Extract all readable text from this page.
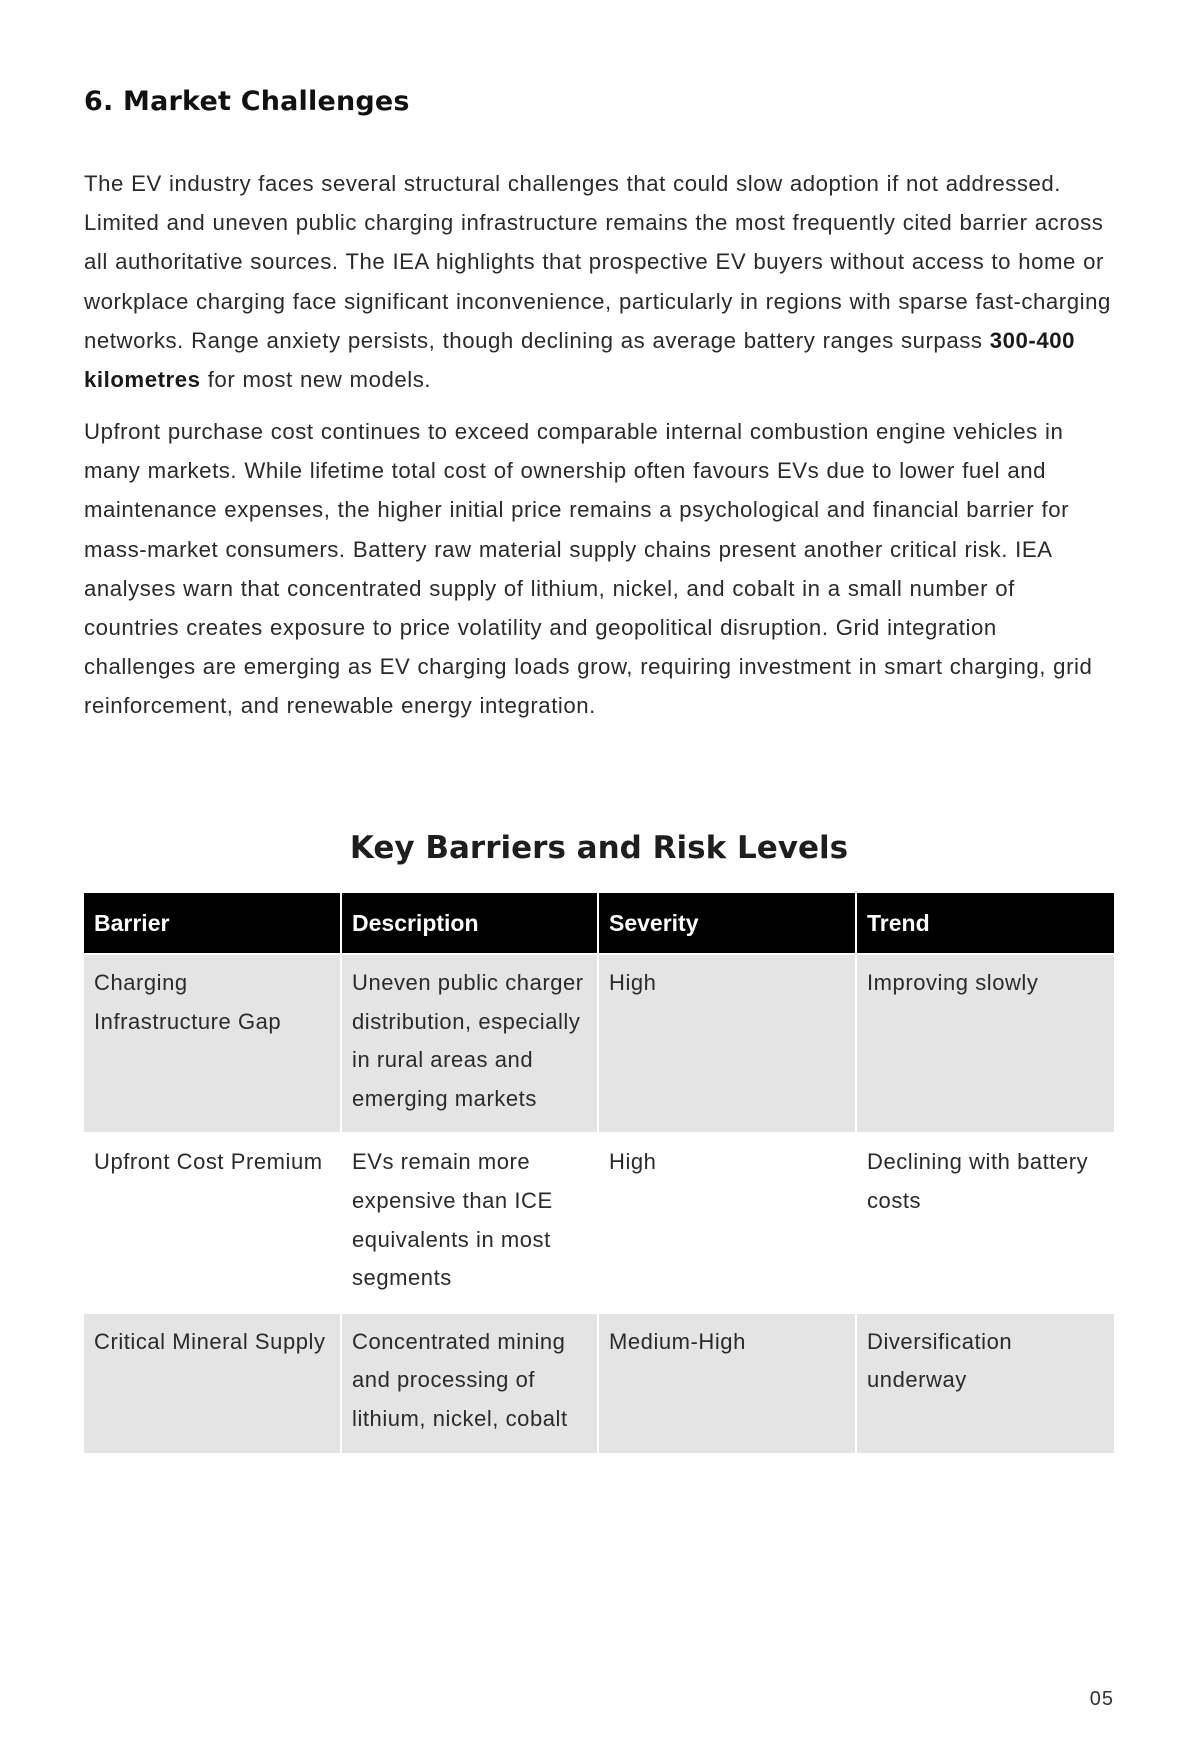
6. Market Challenges

The EV industry faces several structural challenges that could slow adoption if not addressed. Limited and uneven public charging infrastructure remains the most frequently cited barrier across all authoritative sources. The IEA highlights that prospective EV buyers without access to home or workplace charging face significant inconvenience, particularly in regions with sparse fast-charging networks. Range anxiety persists, though declining as average battery ranges surpass 300-400 kilometres for most new models.

Upfront purchase cost continues to exceed comparable internal combustion engine vehicles in many markets. While lifetime total cost of ownership often favours EVs due to lower fuel and maintenance expenses, the higher initial price remains a psychological and financial barrier for mass-market consumers. Battery raw material supply chains present another critical risk. IEA analyses warn that concentrated supply of lithium, nickel, and cobalt in a small number of countries creates exposure to price volatility and geopolitical disruption. Grid integration challenges are emerging as EV charging loads grow, requiring investment in smart charging, grid reinforcement, and renewable energy integration.

Key Barriers and Risk Levels
Barrier	Description	Severity	Trend
Charging Infrastructure Gap	Uneven public charger distribution, especially in rural areas and emerging markets	High	Improving slowly
Upfront Cost Premium	EVs remain more expensive than ICE equivalents in most segments	High	Declining with battery costs
Critical Mineral Supply	Concentrated mining and processing of lithium, nickel, cobalt	Medium-High	Diversification underway
05
